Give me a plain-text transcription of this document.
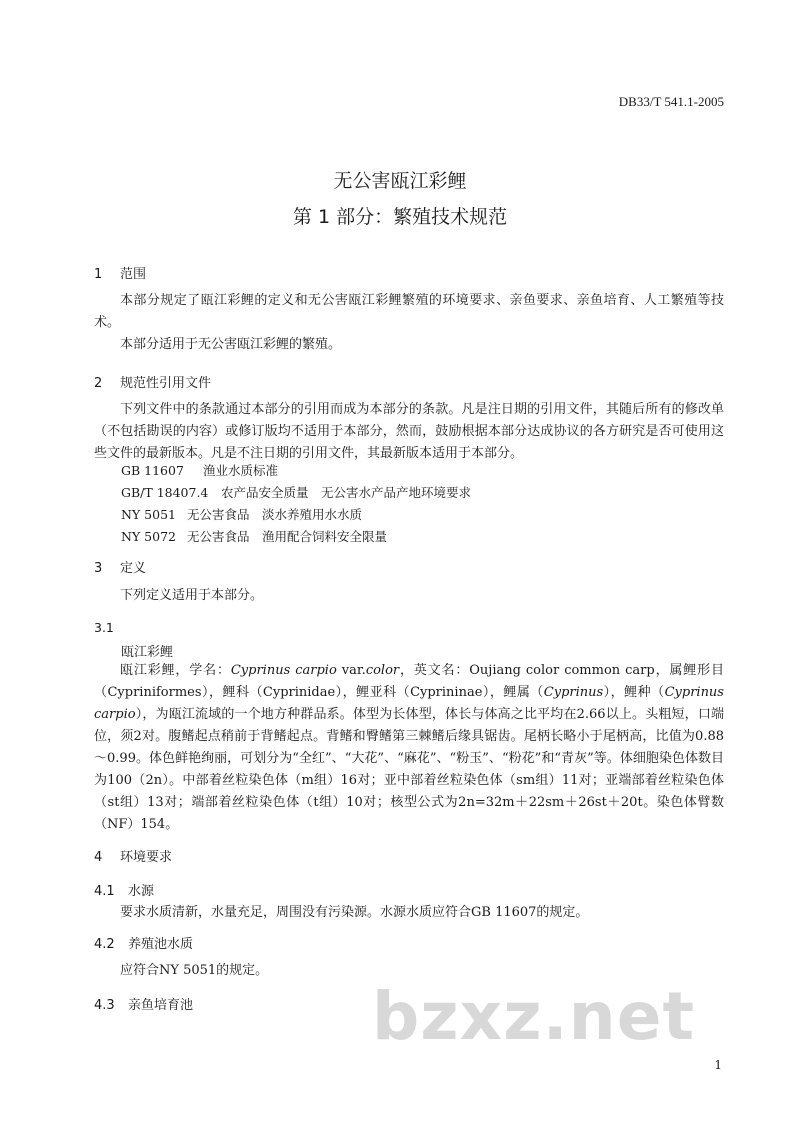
DB33/T 541.1-2005
无公害瓯江彩鲤
第 1 部分：繁殖技术规范
1 范围
本部分规定了瓯江彩鲤的定义和无公害瓯江彩鲤繁殖的环境要求、亲鱼要求、亲鱼培育、人工繁殖等技术。
本部分适用于无公害瓯江彩鲤的繁殖。
2 规范性引用文件
下列文件中的条款通过本部分的引用而成为本部分的条款。凡是注日期的引用文件，其随后所有的修改单（不包括勘误的内容）或修订版均不适用于本部分，然而，鼓励根据本部分达成协议的各方研究是否可使用这些文件的最新版本。凡是不注日期的引用文件，其最新版本适用于本部分。
GB 11607 渔业水质标准
GB/T 18407.4 农产品安全质量　无公害水产品产地环境要求
NY 5051 无公害食品　淡水养殖用水水质
NY 5072 无公害食品　渔用配合饲料安全限量
3 定义
下列定义适用于本部分。
3.1
瓯江彩鲤
瓯江彩鲤，学名：Cyprinus carpio var.color，英文名：Oujiang color common carp，属鲤形目（Cypriniformes），鲤科（Cyprinidae），鲤亚科（Cyprininae），鲤属（Cyprinus），鲤种（Cyprinus carpio），为瓯江流域的一个地方种群品系。体型为长体型，体长与体高之比平均在2.66以上。头粗短，口端位，须2对。腹鳍起点稍前于背鳍起点。背鳍和臀鳍第三棘鳍后缘具锯齿。尾柄长略小于尾柄高，比值为0.88～0.99。体色鲜艳绚丽，可划分为“全红”、“大花”、“麻花”、“粉玉”、“粉花”和“青灰”等。体细胞染色体数目为100（2n）。中部着丝粒染色体（m组）16对；亚中部着丝粒染色体（sm组）11对；亚端部着丝粒染色体（st组）13对；端部着丝粒染色体（t组）10对；核型公式为2n=32m＋22sm＋26st＋20t。染色体臂数（NF）154。
4 环境要求
4.1 水源
要求水质清新，水量充足，周围没有污染源。水源水质应符合GB 11607的规定。
4.2 养殖池水质
应符合NY 5051的规定。
4.3 亲鱼培育池	bzxz.net
1
